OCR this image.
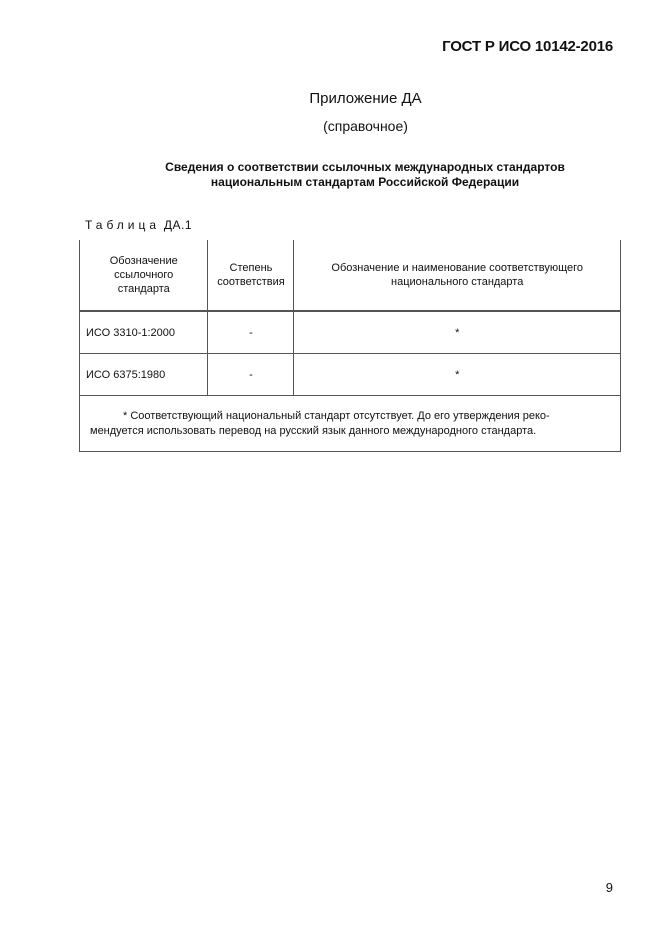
ГОСТ Р ИСО 10142-2016
Приложение ДА
(справочное)
Сведения о соответствии ссылочных международных стандартов
национальным стандартам Российской Федерации
Таблица ДА.1
Обозначение ссылочного стандарта	Степень соответствия	Обозначение и наименование соответствующего национального стандарта

ИСО 3310-1:2000	-	*
ИСО 6375:1980	-	*
* Соответствующий национальный стандарт отсутствует. До его утверждения реко-
мендуется использовать перевод на русский язык данного международного стандарта.		
9
